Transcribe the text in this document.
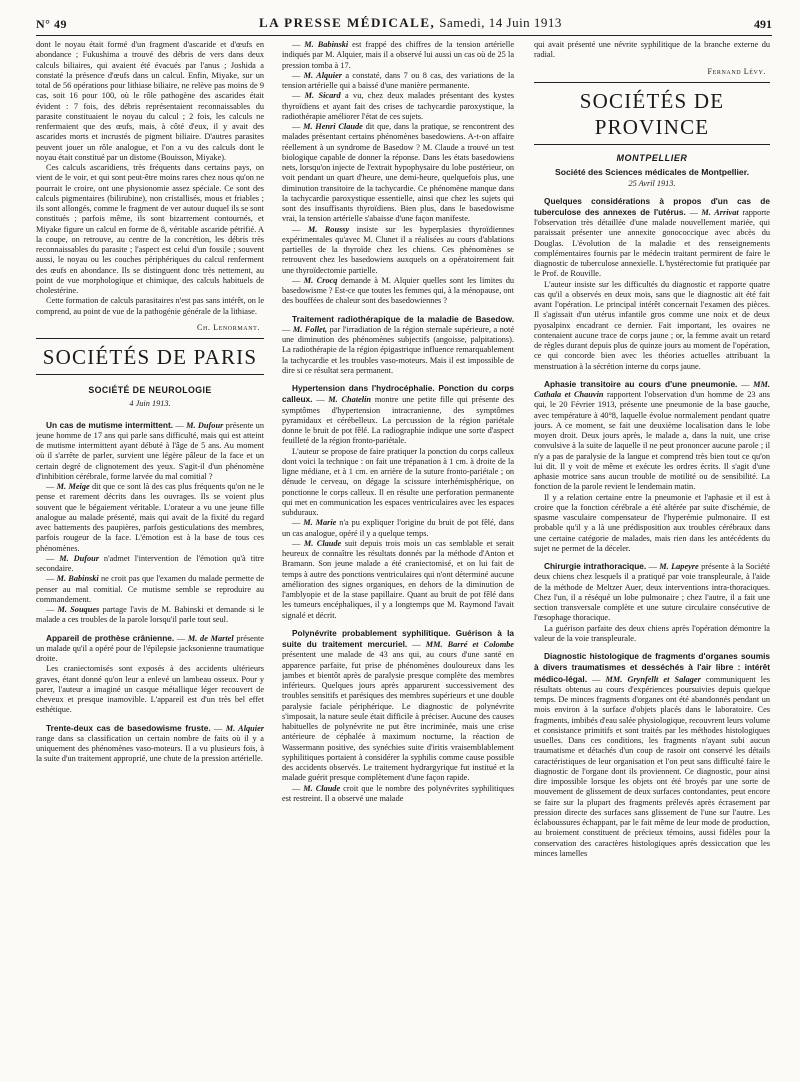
N° 49	LA PRESSE MÉDICALE, Samedi, 14 Juin 1913	491

dont le noyau était formé d'un fragment d'ascaride et d'œufs en abondance ; Fukushima a trouvé des débris de vers dans deux calculs biliaires, qui avaient été évacués par l'anus ; Joshida a constaté la présence d'œufs dans un calcul. Enfin, Miyake, sur un total de 56 opérations pour lithiase biliaire, ne relève pas moins de 9 cas, soit 16 pour 100, où le rôle pathogène des ascarides était évident : 7 fois, des débris représentaient reconnaissables du parasite constituaient le noyau du calcul ; 2 fois, les calculs ne renfermaient que des œufs, mais, à côté d'eux, il y avait des ascarides morts et incrustés de pigment biliaire. D'autres parasites peuvent jouer un rôle analogue, et l'on a vu des calculs dont le noyau était constitué par un distome (Bouisson, Miyake).

Ces calculs ascaridiens, très fréquents dans certains pays, on vient de le voir, et qui sont peut-être moins rares chez nous qu'on ne pourrait le croire, ont une physionomie assez spéciale. Ce sont des calculs pigmentaires (bilirubine), non cristallisés, mous et friables ; ils sont allongés, comme le fragment de ver autour duquel ils se sont constitués ; parfois même, ils sont bizarrement contournés, et Miyake figure un calcul en forme de 8, véritable ascaride pétrifié. A la coupe, on retrouve, au centre de la concrétion, les débris très reconnaissables du parasite ; l'aspect est celui d'un fossile ; souvent aussi, le noyau ou les couches périphériques du calcul renferment des œufs en abondance. Ils se distinguent donc très nettement, au point de vue morphologique et chimique, des calculs habituels de cholestérine.

Cette formation de calculs parasitaires n'est pas sans intérêt, on le comprend, au point de vue de la pathogénie générale de la lithiase.

Ch. Lenormant.
SOCIÉTÉS DE PARIS
SOCIÉTÉ DE NEUROLOGIE
4 Juin 1913.

Un cas de mutisme intermittent. — M. Dufour présente un jeune homme de 17 ans qui parle sans difficulté, mais qui est atteint de mutisme intermittent ayant débuté à l'âge de 5 ans. Au moment où il s'arrête de parler, survient une légère pâleur de la face et un certain degré de clignotement des yeux. S'agit-il d'un phénomène d'inhibition cérébrale, forme larvée du mal comitial ?

— M. Meige dit que ce sont là des cas plus fréquents qu'on ne le pense et rarement décrits dans les ouvrages. Ils se voient plus souvent que le bégaiement véritable. L'orateur a vu une jeune fille analogue au malade présenté, mais qui avait de la fixité du regard avec battements des paupières, parfois gesticulations des membres, parfois rougeur de la face. L'émotion est à la base de tous ces phénomènes.

— M. Dufour n'admet l'intervention de l'émotion qu'à titre secondaire.

— M. Babinski ne croit pas que l'examen du malade permette de penser au mal comitial. Ce mutisme semble se reproduire au commandement.

— M. Souques partage l'avis de M. Babinski et demande si le malade a ces troubles de la parole lorsqu'il parle tout seul.

Appareil de prothèse crânienne. — M. de Martel présente un malade qu'il a opéré pour de l'épilepsie jacksonienne traumatique droite.

Les craniectomisés sont exposés à des accidents ultérieurs graves, étant donné qu'on leur a enlevé un lambeau osseux. Pour y parer, l'auteur a imaginé un casque métallique léger recouvert de cheveux et presque inamovible. L'appareil est d'un très bel effet esthétique.

Trente-deux cas de basedowisme fruste. — M. Alquier range dans sa classification un certain nombre de faits où il y a uniquement des phénomènes vaso-moteurs. Il a vu plusieurs fois, à la suite d'un traitement approprié, une chute de la pression artérielle.

— M. Babinski est frappé des chiffres de la tension artérielle indiqués par M. Alquier, mais il a observé lui aussi un cas où de 25 la pression tomba à 17.

— M. Alquier a constaté, dans 7 ou 8 cas, des variations de la tension artérielle qui a baissé d'une manière permanente.

— M. Sicard a vu, chez deux malades présentant des kystes thyroïdiens et ayant fait des crises de tachycardie paroxystique, la radiothérapie améliorer l'état de ces sujets.

— M. Henri Claude dit que, dans la pratique, se rencontrent des malades présentant certains phénomènes basedowiens. A-t-on affaire réellement à un syndrome de Basedow ? M. Claude a trouvé un test biologique capable de donner la réponse. Dans les états basedowiens nets, lorsqu'on injecte de l'extrait hypophysaire du lobe postérieur, on voit pendant un quart d'heure, une demi-heure, quelquefois plus, une diminution transitoire de la tachycardie. Ce phénomène manque dans la tachycardie paroxystique essentielle, ainsi que chez les sujets qui sont des insuffisants thyroïdiens. Bien plus, dans le basedowisme vrai, la tension artérielle s'abaisse d'une façon manifeste.

— M. Roussy insiste sur les hyperplasies thyroïdiennes expérimentales qu'avec M. Clunet il a réalisées au cours d'ablations partielles de la thyroïde chez les chiens. Ces phénomènes se retrouvent chez les basedowiens auxquels on a opératoirement fait une thyroïdectomie partielle.

— M. Crocq demande à M. Alquier quelles sont les limites du basedowisme ? Est-ce que toutes les femmes qui, à la ménopause, ont des bouffées de chaleur sont des basedowiennes ?

Traitement radiothérapique de la maladie de Basedow. — M. Follet, par l'irradiation de la région sternale supérieure, a noté une diminution des phénomènes subjectifs (angoisse, palpitations). La radiothérapie de la région épigastrique influence remarquablement la tachycardie et les troubles vaso-moteurs. Mais il est impossible de dire si ce résultat sera permanent.

Hypertension dans l'hydrocéphalie. Ponction du corps calleux. — M. Chatelin montre une petite fille qui présente des symptômes d'hypertension intracranienne, des symptômes pyramidaux et cérébelleux. La percussion de la région pariétale donne le bruit de pot fêlé. La radiographie indique une sorte d'aspect feuilleté de la région fronto-pariétale.

L'auteur se propose de faire pratiquer la ponction du corps calleux dont voici la technique : on fait une trépanation à 1 cm. à droite de la ligne médiane, et à 1 cm. en arrière de la suture fronto-pariétale ; on dénude le cerveau, on dégage la scissure interhémisphérique, on ponctionne le corps calleux. Il en résulte une perforation permanente qui met en communication les espaces ventriculaires avec les espaces subduraux.

— M. Marie n'a pu expliquer l'origine du bruit de pot fêlé, dans un cas analogue, opéré il y a quelque temps.

— M. Claude suit depuis trois mois un cas semblable et serait heureux de connaître les résultats donnés par la méthode d'Anton et Bramann. Son jeune malade a été craniectomisé, et on lui fait de temps à autre des ponctions ventriculaires qui n'ont déterminé aucune amélioration des signes organiques, en dehors de la diminution de l'amblyopie et de la stase papillaire. Quant au bruit de pot fêlé dans les tumeurs encéphaliques, il y a longtemps que M. Raymond l'avait signalé et décrit.

Polynévrite probablement syphilitique. Guérison à la suite du traitement mercuriel. — MM. Barré et Colombe présentent une malade de 43 ans qui, au cours d'une santé en apparence parfaite, fut prise de phénomènes douloureux dans les jambes et bientôt après de paralysie presque complète des membres inférieurs. Quelques jours après apparurent successivement des troubles sensitifs et parésiques des membres supérieurs et une double paralysie faciale périphérique. Le diagnostic de polynévrite s'imposait, la nature seule était difficile à préciser. Aucune des causes habituelles de polynévrite ne put être incriminée, mais une crise antérieure de céphalée à maximum nocturne, la réaction de Wassermann positive, des synéchies suite d'iritis vraisemblablement syphilitiques portaient à considérer la syphilis comme cause possible des accidents observés. Le traitement hydrargyrique fut institué et la malade guérit presque complètement d'une façon rapide.

— M. Claude croit que le nombre des polynévrites syphilitiques est restreint. Il a observé une malade

qui avait présenté une névrite syphilitique de la branche externe du radial.

Fernand Lévy.
SOCIÉTÉS DE PROVINCE
MONTPELLIER
Société des Sciences médicales de Montpellier.
25 Avril 1913.

Quelques considérations à propos d'un cas de tuberculose des annexes de l'utérus. — M. Arrivat rapporte l'observation très détaillée d'une malade nouvellement mariée, qui paraissait présenter une annexite gonococcique avec abcès du Douglas. L'évolution de la maladie et des renseignements complémentaires fournis par le médecin traitant permirent de faire le diagnostic de tuberculose annexielle. L'hystérectomie fut pratiquée par le Prof. de Rouville.

L'auteur insiste sur les difficultés du diagnostic et rapporte quatre cas qu'il a observés en deux mois, sans que le diagnostic ait été fait avant l'opération. Le principal intérêt concernait l'examen des pièces. Il s'agissait d'un utérus infantile gros comme une noix et de deux pyosalpinx encadrant ce dernier. Fait important, les ovaires ne contenaient aucune trace de corps jaune ; or, la femme avait un retard de règles durant depuis plus de quinze jours au moment de l'opération, ce qui concorde bien avec les théories actuelles attribuant la menstruation à la sécrétion interne du corps jaune.

Aphasie transitoire au cours d'une pneumonie. — MM. Cathala et Chauvin rapportent l'observation d'un homme de 23 ans qui, le 20 Février 1913, présente une pneumonie de la base gauche, avec température à 40°8, laquelle évolue normalement pendant quatre jours. A ce moment, se fait une deuxième localisation dans le lobe moyen droit. Deux jours après, le malade a, dans la nuit, une crise convulsive à la suite de laquelle il ne peut prononcer aucune parole ; il n'y a pas de paralysie de la langue et comprend très bien tout ce qu'on lui dit. Il y voit de même et exécute les ordres écrits. Il s'agit d'une aphasie motrice sans aucun trouble de motilité ou de sensibilité. La fonction de la parole revient le lendemain matin.

Il y a relation certaine entre la pneumonie et l'aphasie et il est à croire que la fonction cérébrale a été altérée par suite d'ischémie, de spasme vasculaire compensateur de l'hyperémie pulmonaire. Il est probable qu'il y a là une prédisposition aux troubles cérébraux dans une certaine catégorie de malades, mais rien dans les antécédents du sujet ne permet de la déceler.

Chirurgie intrathoracique. — M. Lapeyre présente à la Société deux chiens chez lesquels il a pratiqué par voie transpleurale, à l'aide de la méthode de Meltzer Auer, deux interventions intra-thoraciques. Chez l'un, il a réséqué un lobe pulmonaire ; chez l'autre, il a fait une section transversale complète et une suture circulaire consécutive de l'œsophage thoracique.

La guérison parfaite des deux chiens après l'opération démontre la valeur de la voie transpleurale.

Diagnostic histologique de fragments d'organes soumis à divers traumatismes et desséchés à l'air libre : intérêt médico-légal. — MM. Grynfellt et Salager communiquent les résultats obtenus au cours d'expériences poursuivies depuis quelque temps. De minces fragments d'organes ont été abandonnés pendant un mois environ à la surface d'objets placés dans le laboratoire. Ces fragments, imbibés d'eau salée physiologique, recouvrent leurs volume et consistance primitifs et sont traités par les méthodes histologiques usuelles. Dans ces conditions, les fragments n'ayant subi aucun traumatisme et détachés d'un coup de rasoir ont conservé les détails caractéristiques de leur organisation et l'on peut sans difficulté faire le diagnostic de l'organe dont ils proviennent. Ce diagnostic, pour ainsi dire impossible lorsque les objets ont été broyés par une sorte de mouvement de glissement de deux surfaces contondantes, peut encore se faire sur la plupart des fragments prélevés après écrasement par pression directe des surfaces sans glissement de l'une sur l'autre. Les éclaboussures échappant, par le fait même de leur mode de production, au broiement constituent de précieux témoins, aussi fidèles pour la conservation des caractères histologiques après dessiccation que les minces lamelles
